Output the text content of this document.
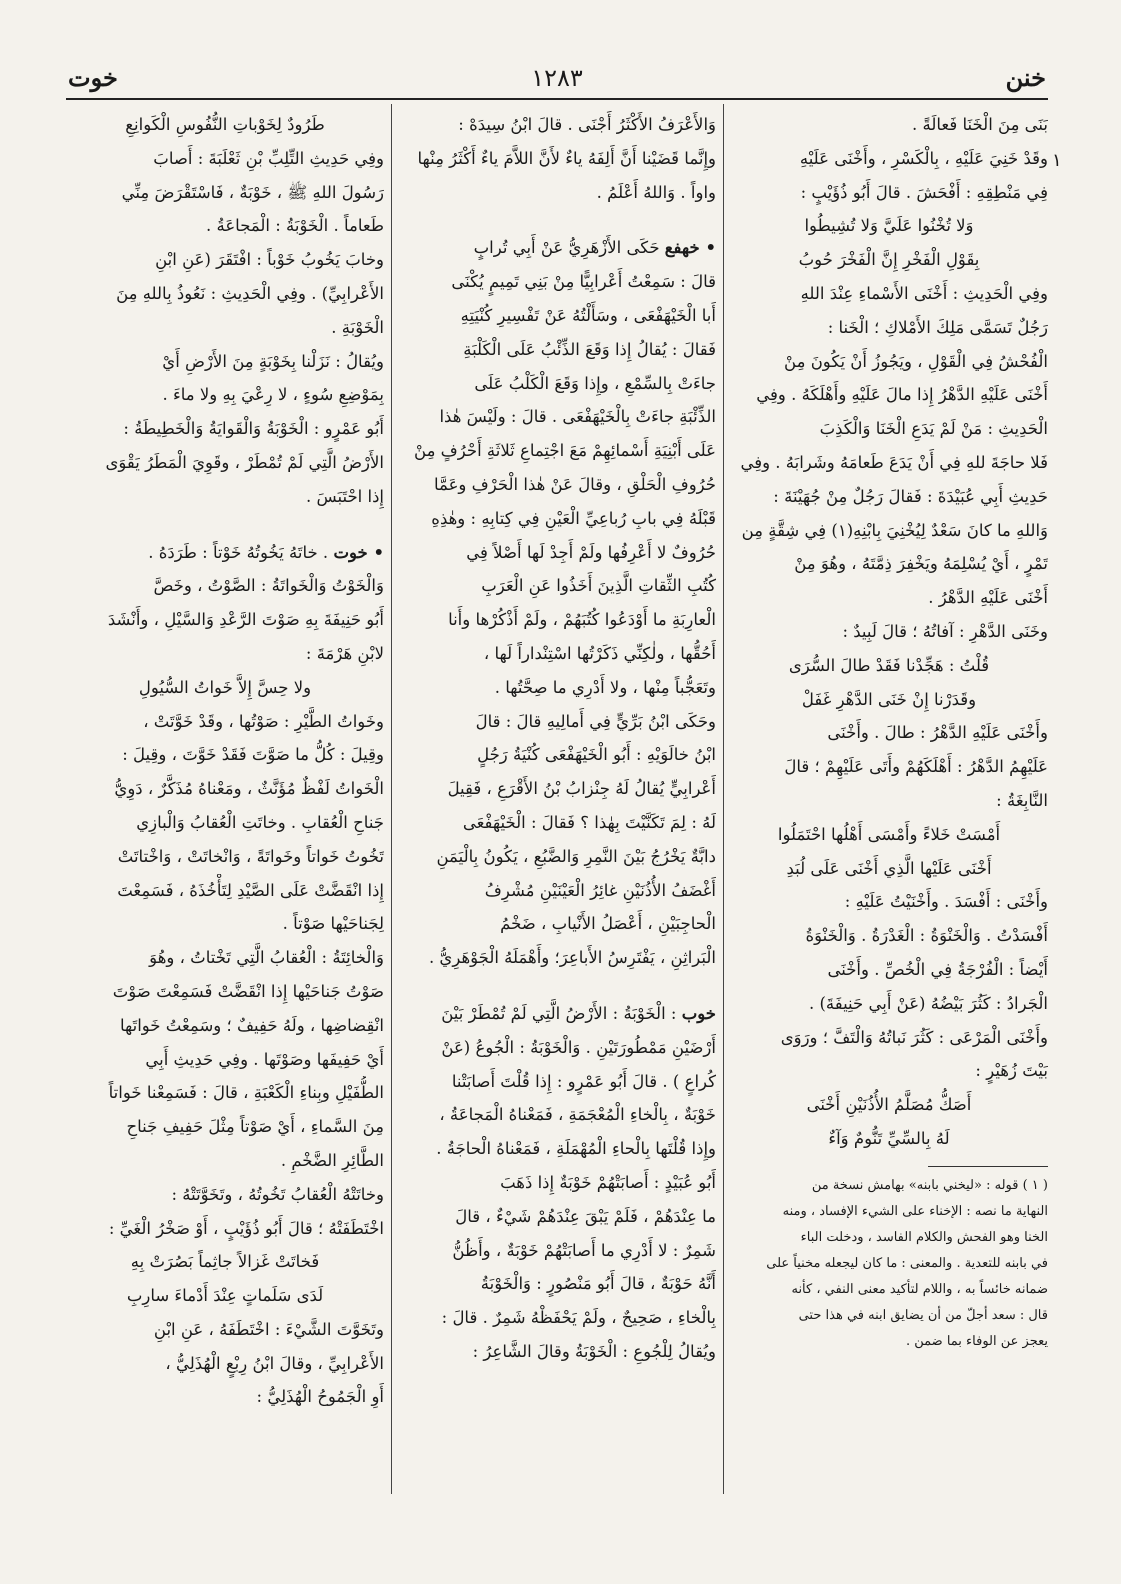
خنن
١٢٨٣
خوت
١
بَنَى مِنَ الْخَنَا فَعالَةً .
وقَدْ خَنِيَ عَلَيْهِ ، بِالْكَسْرِ ، وأَخْنَى عَلَيْهِ
فِي مَنْطِقِهِ : أَفْحَشَ . قالَ أَبُو ذُؤَيْبٍ :
وَلا تُخْنُوا عَلَيَّ وَلا تُشِيطُوا
بِقَوْلِ الْفَخْرِ إِنَّ الْفَخْرَ حُوبُ
وفِي الْحَدِيثِ : أَخْنَى الأَسْماءِ عِنْدَ اللهِ
رَجُلٌ تَسَمَّى مَلِكَ الأَمْلاكِ ؛ الْخَنا :
الْفُحْشُ فِي الْقَوْلِ ، ويَجُوزُ أَنْ يَكُونَ مِنْ
أَخْنَى عَلَيْهِ الدَّهْرُ إِذا مالَ عَلَيْهِ وأَهْلَكَهُ . وفِي
الْحَدِيثِ : مَنْ لَمْ يَدَعِ الْخَنَا وَالْكَذِبَ
فَلا حاجَةَ للهِ فِي أَنْ يَدَعَ طَعامَهُ وشَرابَهُ . وفِي
حَدِيثِ أَبِي عُبَيْدَةَ : فَقالَ رَجُلٌ مِنْ جُهَيْنَةَ :
وَاللهِ ما كانَ سَعْدٌ لِيُخْنِيَ بِابْنِهِ(١) فِي شِقَّةٍ مِن
تَمْرٍ ، أَيْ يُسْلِمَهُ ويَخْفِرَ ذِمَّتَهُ ، وهُوَ مِنْ
أَخْنَى عَلَيْهِ الدَّهْرُ .
وخَنَى الدَّهْرِ : آفاتُهُ ؛ قالَ لَبِيدٌ :
قُلْتُ : هَجِّدْنا فَقَدْ طالَ السُّرَى
وقَدَرْنا إِنْ خَنَى الدَّهْرِ غَفَلْ
وأَخْنَى عَلَيْهِ الدَّهْرُ : طالَ . وأَخْنَى
عَلَيْهِمُ الدَّهْرُ : أَهْلَكَهُمْ وأَتَى عَلَيْهِمْ ؛ قالَ
النَّابِغَةُ :
أَمْسَتْ خَلاءً وأَمْسَى أَهْلُها احْتَمَلُوا
أَخْنَى عَلَيْها الَّذِي أَخْنَى عَلَى لُبَدِ
وأَخْنَى : أَفْسَدَ . وأَخْنَيْتُ عَلَيْهِ :
أَفْسَدْتُ . وَالْخَنْوَةُ : الْغَدْرَةُ . وَالْخَنْوَةُ
أَيْضاً : الْفُرْجَةُ فِي الْخُصِّ . وأَخْنَى
الْجَرادُ : كَثُرَ بَيْضُهُ (عَنْ أَبِي حَنِيفَةَ) .
وأَخْنَى الْمَرْعَى : كَثُرَ نَباتُهُ وَالْتَفَّ ؛ ورَوَى
بَيْتَ زُهَيْرٍ :
أَصَكُّ مُصَلَّمُ الأُذُنَيْنِ أَخْنَى
لَهُ بِالسِّيِّ تَنُّومٌ وَآءٌ
( ١ ) قوله : «ليخني بابنه» بهامش نسخة من
النهاية ما نصه : الإخناء على الشيء الإفساد ، ومنه
الخنا وهو الفحش والكلام الفاسد ، ودخلت الباء
في بابنه للتعدية . والمعنى : ما كان ليجعله مخنياً على
ضمانه خائساً به ، واللام لتأكيد معنى النفي ، كأنه
قال : سعد أجلّ من أن يضايق ابنه في هذا حتى
يعجز عن الوفاء بما ضمن .
وَالأَعْرَفُ الأَكْثَرُ أَجْنَى . قالَ ابْنُ سِيدَهْ :
وإِنَّما قَضَيْنا أَنَّ أَلِفَهُ ياءٌ لأَنَّ اللاَّمَ ياءٌ أَكْثَرُ مِنْها
واواً . وَاللهُ أَعْلَمُ .
• خهفع حَكَى الأَزْهَرِيُّ عَنْ أَبِي تُرابٍ
قالَ : سَمِعْتُ أَعْرابِيًّا مِنْ بَنِي تَمِيمٍ يُكْنَى
أَبا الْخَيْهَفْعَى ، وسَأَلْتُهُ عَنْ تَفْسِيرِ كُنْيَتِهِ
فَقالَ : يُقالُ إِذا وَقَعَ الذِّئْبُ عَلَى الْكَلْبَةِ
جاءَتْ بِالسِّمْعِ ، وإِذا وَقَعَ الْكَلْبُ عَلَى
الذِّئْبَةِ جاءَتْ بِالْخَيْهَفْعَى . قالَ : ولَيْسَ هٰذا
عَلَى أَبْنِيَةِ أَسْمائِهِمْ مَعَ اجْتِماعِ ثَلاثَةِ أَحْرُفٍ مِنْ
حُرُوفِ الْحَلْقِ ، وقالَ عَنْ هٰذا الْحَرْفِ وعَمَّا
قَبْلَهُ فِي بابِ رُباعِيِّ الْعَيْنِ فِي كِتابِهِ : وهٰذِهِ
حُرُوفٌ لا أَعْرِفُها ولَمْ أَجِدْ لَها أَصْلاً فِي
كُتُبِ الثِّقاتِ الَّذِينَ أَخَذُوا عَنِ الْعَرَبِ
الْعارِبَةِ ما أَوْدَعُوا كُتُبَهُمْ ، ولَمْ أَذْكُرْها وأَنا
أَحُقُّها ، ولٰكِنِّي ذَكَرْتُها اسْتِنْداراً لَها ،
وتَعَجُّباً مِنْها ، ولا أَدْرِي ما صِحَّتُها .
وحَكَى ابْنُ بَرِّيٍّ فِي أَمالِيهِ قالَ : قالَ
ابْنُ خالَوَيْهِ : أَبُو الْخَيْهَفْعَى كُنْيَةُ رَجُلٍ
أَعْرابِيٍّ يُقالُ لَهُ جِنْزابُ بْنُ الأَقْرَعِ ، فَقِيلَ
لَهُ : لِمَ تَكَنَّيْتَ بِهٰذا ؟ فَقالَ : الْخَيْهَفْعَى
دابَّةٌ يَخْرُجُ بَيْنَ النَّمِرِ وَالضَّبُعِ ، يَكُونُ بِالْيَمَنِ
أَغْضَفُ الأُذُنَيْنِ غائِرُ الْعَيْنَيْنِ مُشْرِفُ
الْحاجِبَيْنِ ، أَعْصَلُ الأَنْيابِ ، ضَخْمُ
الْبَراثِنِ ، يَفْتَرِسُ الأَباعِرَ؛ وأَهْمَلَهُ الْجَوْهَرِيُّ .
خوب : الْخَوْبَةُ : الأَرْضُ الَّتِي لَمْ تُمْطَرْ بَيْنَ
أَرْضَيْنِ مَمْطُورَتَيْنِ . وَالْخَوْبَةُ : الْجُوعُ (عَنْ
كُراعٍ ) . قالَ أَبُو عَمْرٍو : إِذا قُلْتَ أَصابَتْنا
خَوْبَةٌ ، بِالْخاءِ الْمُعْجَمَةِ ، فَمَعْناهُ الْمَجاعَةُ ،
وإِذا قُلْتَها بِالْحاءِ الْمُهْمَلَةِ ، فَمَعْناهُ الْحاجَةُ .
أَبُو عُبَيْدٍ : أَصابَتْهُمْ خَوْبَةٌ إِذا ذَهَبَ
ما عِنْدَهُمْ ، فَلَمْ يَبْقَ عِنْدَهُمْ شَيْءٌ ، قالَ
شَمِرٌ : لا أَدْرِي ما أَصابَتْهُمْ خَوْبَةٌ ، وأَظُنُّ
أَنَّهُ حَوْبَةٌ ، قالَ أَبُو مَنْصُورٍ : وَالْخَوْبَةُ
بِالْخاءِ ، صَحِيحٌ ، ولَمْ يَحْفَظْهُ شَمِرٌ . قالَ :
ويُقالُ لِلْجُوعِ : الْخَوْبَةُ وقالَ الشَّاعِرُ :
طَرُودٌ لِخَوْباتِ النُّفُوسِ الْكَوانِعِ
وفِي حَدِيثِ التِّلِبِّ بْنِ ثَعْلَبَةَ : أَصابَ
رَسُولَ اللهِ ﷺ ، خَوْبَةٌ ، فَاسْتَقْرَضَ مِنِّي
طَعاماً . الْخَوْبَةُ : الْمَجاعَةُ .
وخابَ يَخُوبُ خَوْباً : افْتَقَرَ (عَنِ ابْنِ
الأَعْرابِيِّ) . وفِي الْحَدِيثِ : نَعُوذُ بِاللهِ مِنَ
الْخَوْبَةِ .
ويُقالُ : نَزَلْنا بِخَوْبَةٍ مِنَ الأَرْضِ أَيْ
بِمَوْضِعِ سُوءٍ ، لا رِعْيَ بِهِ ولا ماءَ .
أَبُو عَمْرٍو : الْخَوْبَةُ وَالْقَوايَةُ وَالْخَطِيطَةُ :
الأَرْضُ الَّتِي لَمْ تُمْطَرْ ، وقَوِيَ الْمَطَرُ يَقْوَى
إِذا احْتَبَسَ .
• خوت . خاتَهُ يَخُوتُهُ خَوْتاً : طَرَدَهُ .
وَالْخَوْتُ وَالْخَواتَةُ : الصَّوْتُ ، وخَصَّ
أَبُو حَنِيفَةَ بِهِ صَوْتَ الرَّعْدِ وَالسَّيْلِ ، وأَنْشَدَ
لابْنِ هَرْمَةَ :
ولا حِسَّ إِلاَّ خَواتُ السُّيُولِ
وخَواتُ الطَّيْرِ : صَوْتُها ، وقَدْ خَوَّتَتْ ،
وقِيلَ : كُلُّ ما صَوَّتَ فَقَدْ خَوَّتَ ، وقِيلَ :
الْخَواتُ لَفْظٌ مُؤَنَّثٌ ، ومَعْناهُ مُذَكَّرٌ ، دَوِيُّ
جَناحِ الْعُقابِ . وخاتَتِ الْعُقابُ وَالْبازِي
تَخُوتُ خَواتاً وخَواتَةً ، وَانْخاتَتْ ، وَاخْتاتَتْ
إِذا انْقَضَّتْ عَلَى الصَّيْدِ لِتَأْخُذَهُ ، فَسَمِعْتَ
لِجَناحَيْها صَوْتاً .
وَالْخائِتَةُ : الْعُقابُ الَّتِي تَخْتاتُ ، وهُوَ
صَوْتُ جَناحَيْها إِذا انْقَضَّتْ فَسَمِعْتَ صَوْتَ
انْقِضاضِها ، ولَهُ حَفِيفٌ ؛ وسَمِعْتُ خَواتَها
أَيْ حَفِيفَها وصَوْتَها . وفِي حَدِيثِ أَبِي
الطُّفَيْلِ وبِناءِ الْكَعْبَةِ ، قالَ : فَسَمِعْنا خَواتاً
مِنَ السَّماءِ ، أَيْ صَوْتاً مِثْلَ حَفِيفِ جَناحِ
الطَّائِرِ الضَّخْمِ .
وخاتَتْهُ الْعُقابُ تَخُوتُهُ ، وتَخَوَّتَتْهُ :
اخْتَطَفَتْهُ ؛ قالَ أَبُو ذُؤَيْبٍ ، أَوْ صَخْرُ الْغَيِّ :
فَخاتَتْ غَزالاً جاثِماً بَصُرَتْ بِهِ
لَدَى سَلَماتٍ عِنْدَ أَدْماءَ سارِبِ
وتَخَوَّتَ الشَّيْءَ : اخْتَطَفَهُ ، عَنِ ابْنِ
الأَعْرابِيِّ ، وقالَ ابْنُ رِبْعٍ الْهُذَلِيُّ ،
أَوِ الْجَمُوحُ الْهُذَلِيُّ :
